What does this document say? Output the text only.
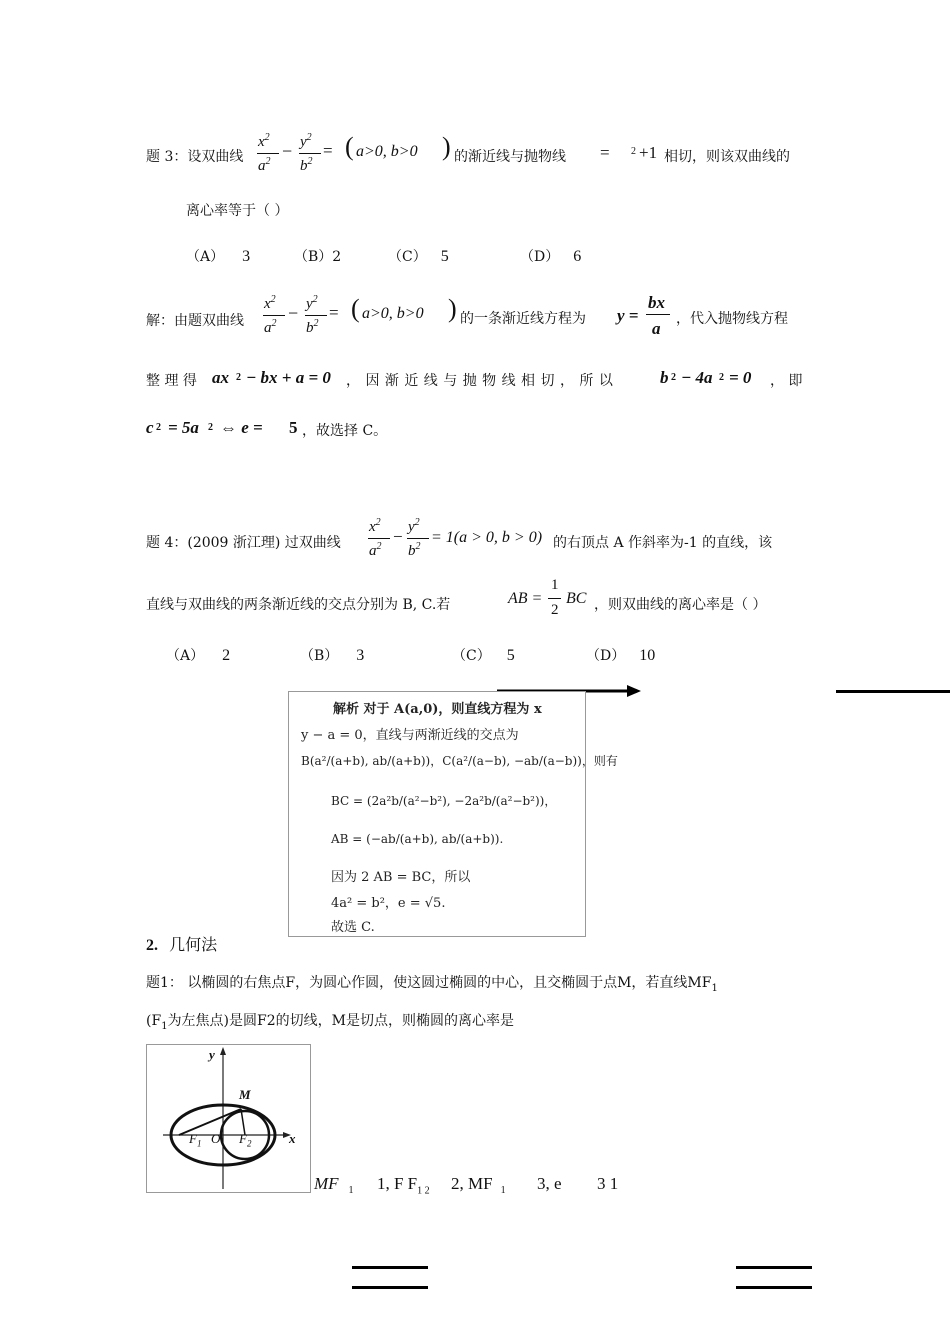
题 3：设双曲线
$x^2$
$a^2$
− $y^2$
$b^2$
= ( a>0, b>0 ) 的渐近线与抛物线 = 2 +1 相切，则该双曲线的
离心率等于（ ）
（A） 3	（B）2	（C） 5	（D） 6
解：由题双曲线
$x^2$
$a^2$
− $y^2$
$b^2$
= ( a>0, b>0 ) 的一条渐近线方程为 y =
bx
a ，代入抛物线方程
整 理 得 ax 2 − bx + a = 0 ， 因 渐 近 线 与 抛 物 线 相 切 ， 所 以	b 2 − 4a 2 = 0 ， 即
c 2 = 5a 2 ⇔ e = 5 ，故选择 C。
题 4：(2009 浙江理) 过双曲线
$x^2$
$a^2$
− $y^2$
$b^2$
= 1(a > 0, b > 0) 的右顶点 A 作斜率为-1 的直线，该
直线与双曲线的两条渐近线的交点分别为 B, C.若	AB =
1
2
BC ，则双曲线的离心率是（ ）
（A） 2	（B） 3	（C） 5	（D） 10
解析 对于 A(a,0)，则直线方程为 x
y − a = 0，直线与两渐近线的交点为
B(a²/(a+b), ab/(a+b))，C(a²/(a−b), −ab/(a−b))，则有
BC = (2a²b/(a²−b²), −2a²b/(a²−b²))，
AB = (−ab/(a+b), ab/(a+b)).
因为 2 AB = BC，所以
4a² = b²，e = √5.
故选 C.
2. 几何法
题1： 以椭圆的右焦点F，为圆心作圆，使这圆过椭圆的中心，且交椭圆于点M，若直线$MF_1$
($F_1$为左焦点)是圆F2的切线，M是切点，则椭圆的离心率是
y
x
M
$F_1$ O $F_2$
MF $_1$ 1, F $F_{1 2}$ 2, MF $_1$ 3, e 3 1
